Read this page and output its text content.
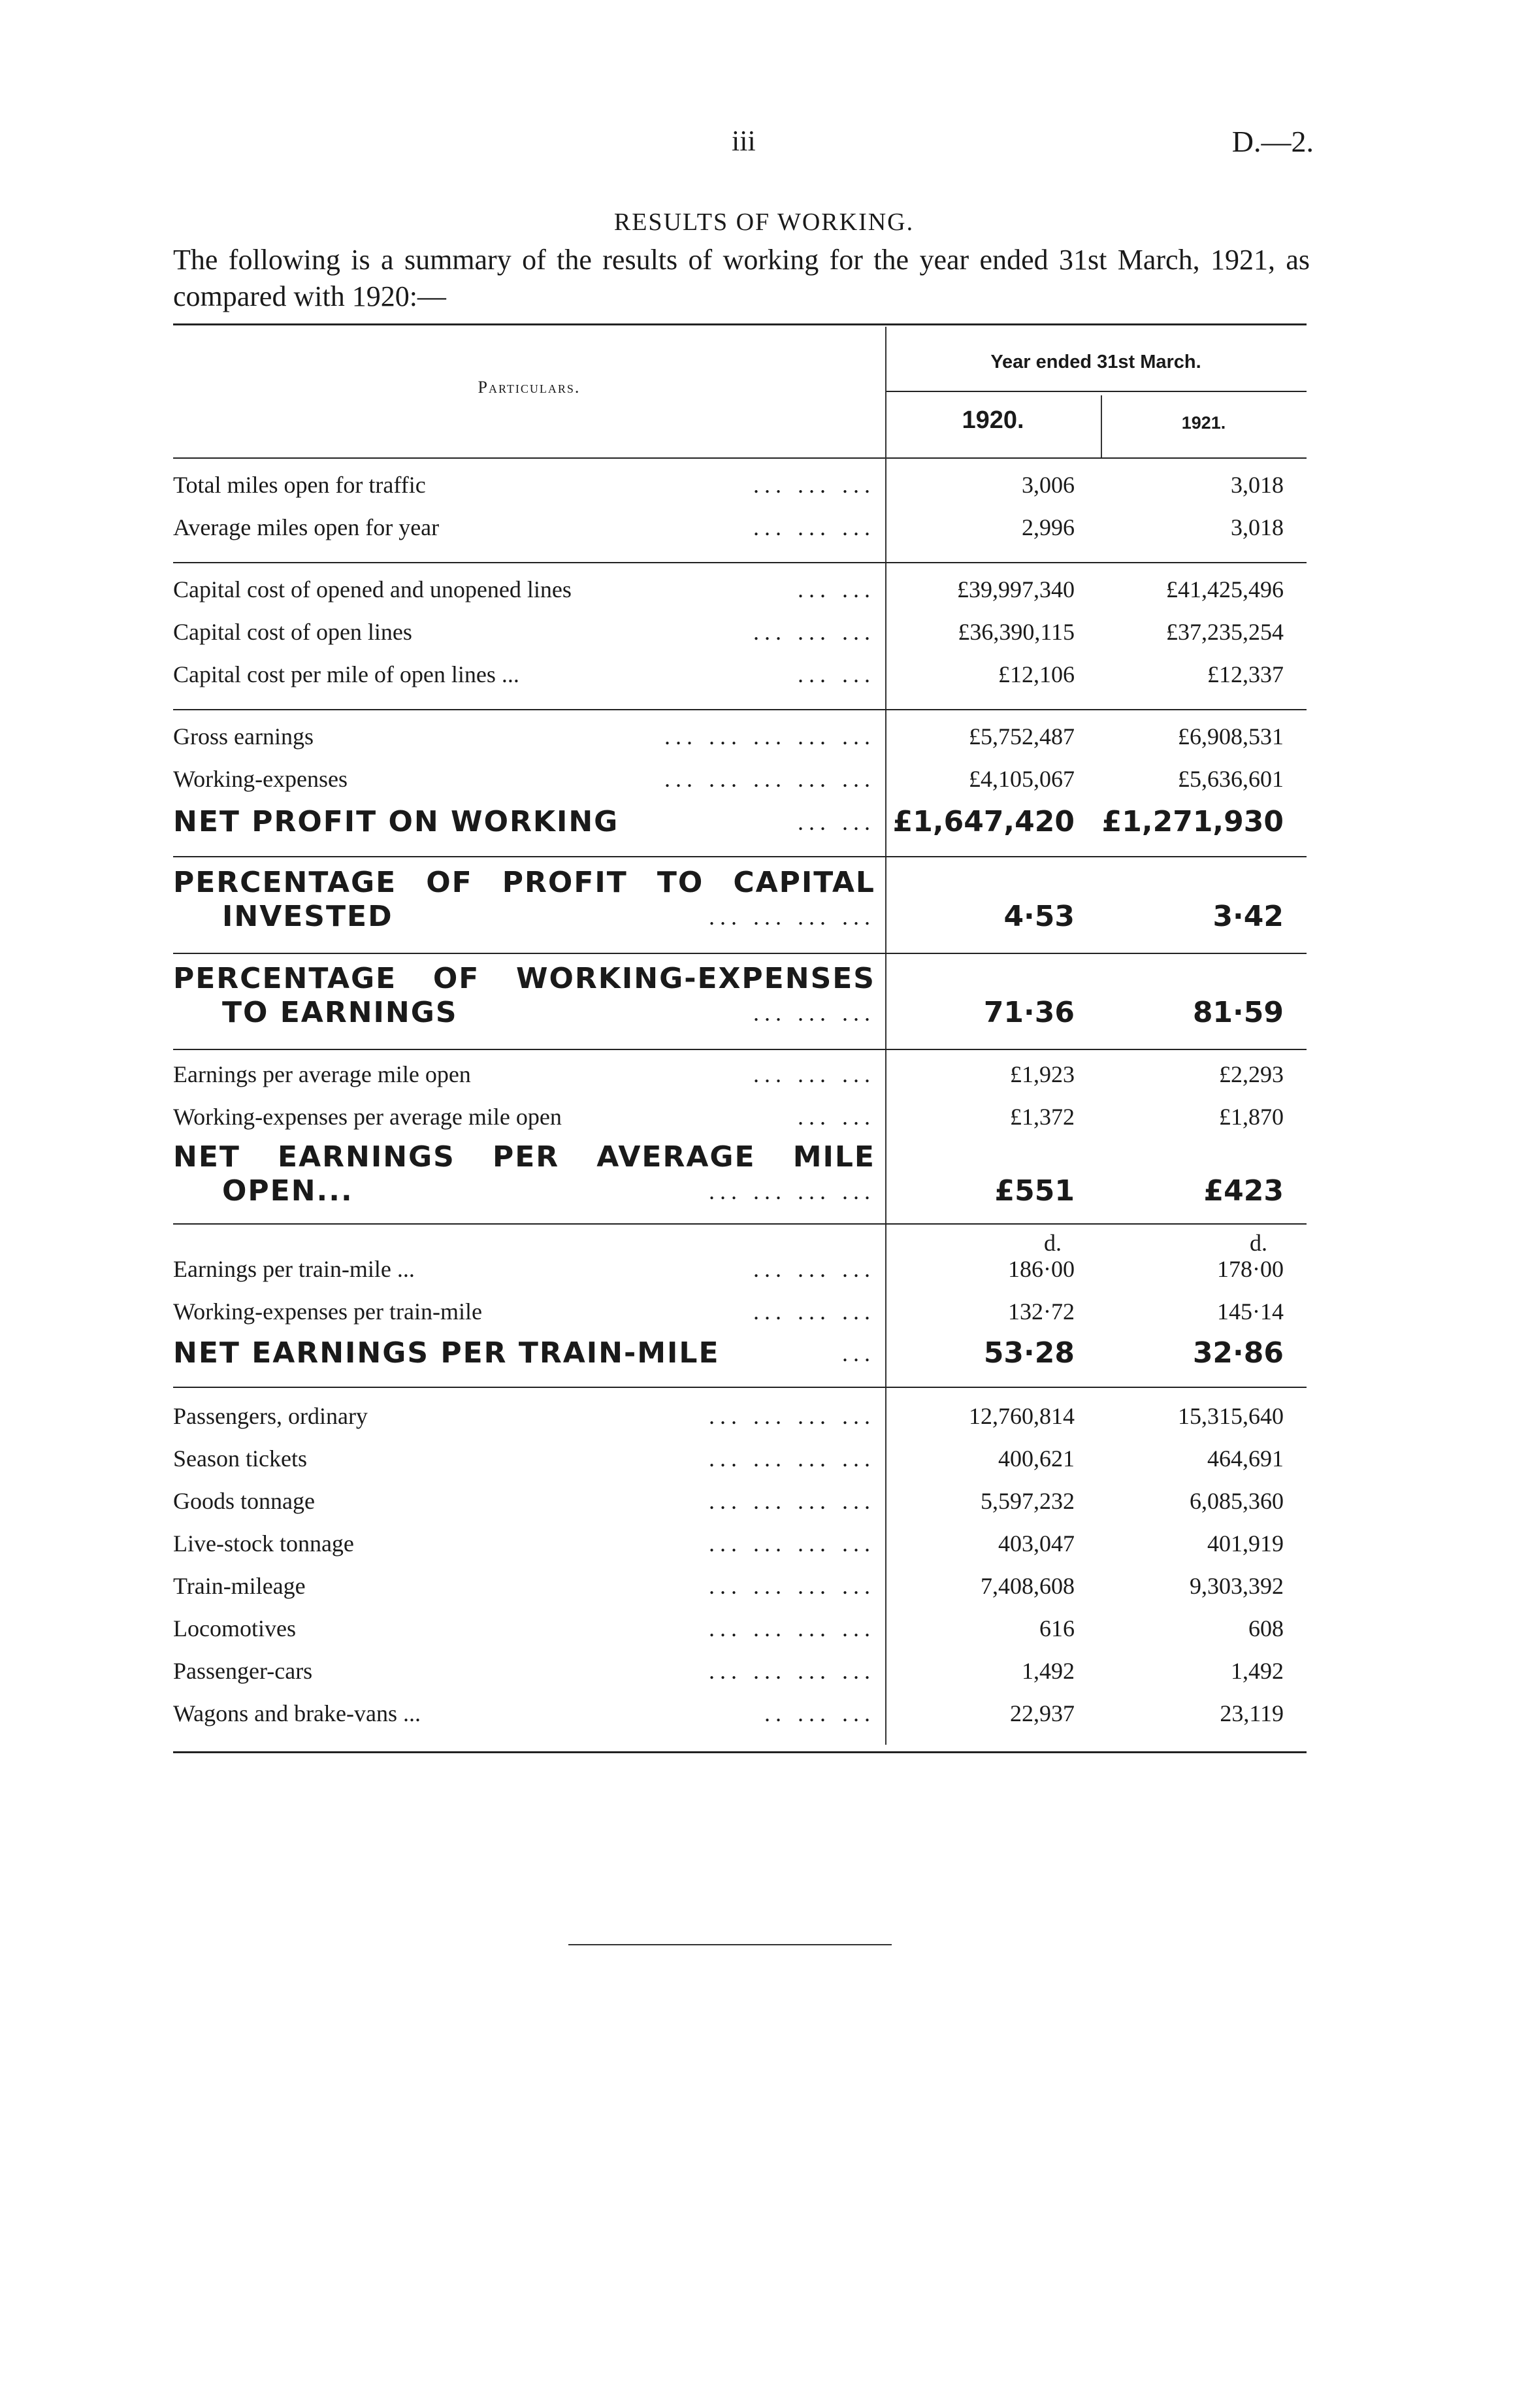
iii	D.—2.
RESULTS OF WORKING.
The following is a summary of the results of working for the year ended 31st March, 1921, as compared with 1920:—
Particulars.
Year ended 31st March.
1920.	1921.
Total miles open for traffic	... ... ...	3,006	3,018
Average miles open for year	... ... ...	2,996	3,018
Capital cost of opened and unopened lines	... ...	£39,997,340	£41,425,496
Capital cost of open lines	... ... ...	£36,390,115	£37,235,254
Capital cost per mile of open lines ...	... ...	£12,106	£12,337
Gross earnings	... ... ... ... ...	£5,752,487	£6,908,531
Working-expenses	... ... ... ... ...	£4,105,067	£5,636,601
NET PROFIT ON WORKING	... ... £1,647,420 £1,271,930
PERCENTAGE OF PROFIT TO CAPITAL
INVESTED	... ... ... ...	4·53	3·42
PERCENTAGE OF WORKING-EXPENSES
TO EARNINGS	... ... ...	71·36	81·59
Earnings per average mile open	... ... ...	£1,923	£2,293
Working-expenses per average mile open	... ...	£1,372	£1,870
NET EARNINGS PER AVERAGE MILE
OPEN...	... ... ... ...	£551	£423
d.	d.
Earnings per train-mile ...	... ... ...	186·00	178·00
Working-expenses per train-mile	... ... ...	132·72	145·14
NET EARNINGS PER TRAIN-MILE	...	53·28	32·86
Passengers, ordinary	... ... ... ...	12,760,814	15,315,640
Season tickets	... ... ... ...	400,621	464,691
Goods tonnage	... ... ... ...	5,597,232	6,085,360
Live-stock tonnage	... ... ... ...	403,047	401,919
Train-mileage	... ... ... ...	7,408,608	9,303,392
Locomotives	... ... ... ...	616	608
Passenger-cars	... ... ... ...	1,492	1,492
Wagons and brake-vans ...	.. ... ...	22,937	23,119
